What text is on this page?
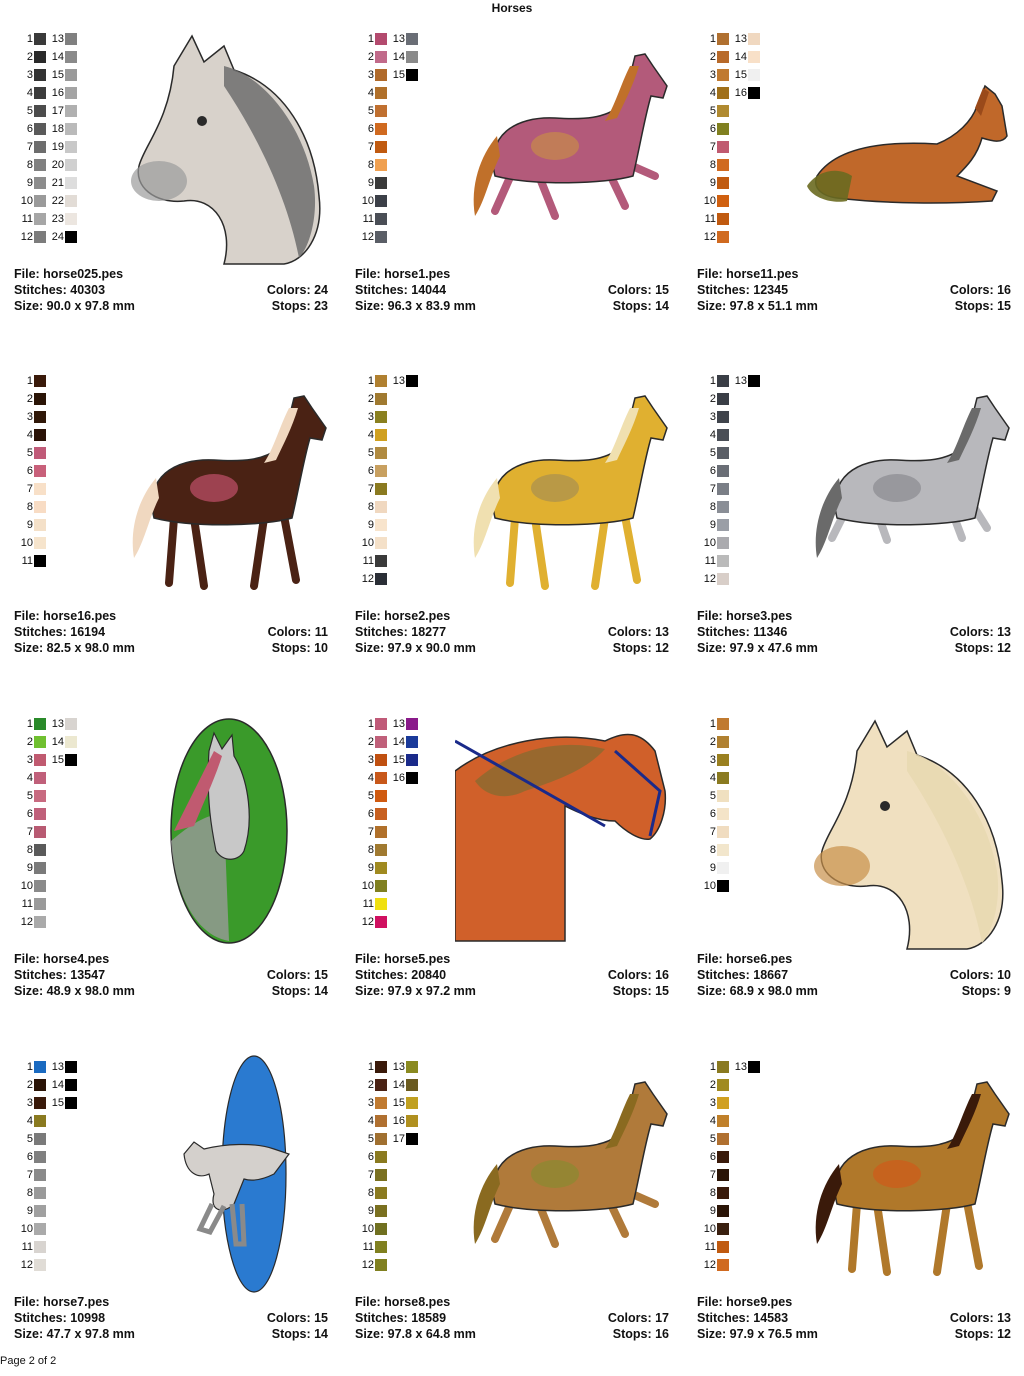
Horses
1	13
2	14
3	15
4	16
5	17
6	18
7	19
8	20
9	21
10	22
11	23
12	24
File: horse025.pes
Stitches: 40303	Colors: 24
Size: 90.0 x 97.8 mm	Stops: 23
1	13
2	14
3	15
4
5
6
7
8
9
10
11
12
File: horse1.pes
Stitches: 14044	Colors: 15
Size: 96.3 x 83.9 mm	Stops: 14
1	13
2	14
3	15
4	16
5
6
7
8
9
10
11
12
File: horse11.pes
Stitches: 12345	Colors: 16
Size: 97.8 x 51.1 mm	Stops: 15
1
2
3
4
5
6
7
8
9
10
11
File: horse16.pes
Stitches: 16194	Colors: 11
Size: 82.5 x 98.0 mm	Stops: 10
1	13
2
3
4
5
6
7
8
9
10
11
12
File: horse2.pes
Stitches: 18277	Colors: 13
Size: 97.9 x 90.0 mm	Stops: 12
1	13
2
3
4
5
6
7
8
9
10
11
12
File: horse3.pes
Stitches: 11346	Colors: 13
Size: 97.9 x 47.6 mm	Stops: 12
1	13
2	14
3	15
4
5
6
7
8
9
10
11
12
File: horse4.pes
Stitches: 13547	Colors: 15
Size: 48.9 x 98.0 mm	Stops: 14
1	13
2	14
3	15
4	16
5
6
7
8
9
10
11
12
File: horse5.pes
Stitches: 20840	Colors: 16
Size: 97.9 x 97.2 mm	Stops: 15
1
2
3
4
5
6
7
8
9
10
File: horse6.pes
Stitches: 18667	Colors: 10
Size: 68.9 x 98.0 mm	Stops: 9
1	13
2	14
3	15
4
5
6
7
8
9
10
11
12
File: horse7.pes
Stitches: 10998	Colors: 15
Size: 47.7 x 97.8 mm	Stops: 14
1	13
2	14
3	15
4	16
5	17
6
7
8
9
10
11
12
File: horse8.pes
Stitches: 18589	Colors: 17
Size: 97.8 x 64.8 mm	Stops: 16
1	13
2
3
4
5
6
7
8
9
10
11
12
File: horse9.pes
Stitches: 14583	Colors: 13
Size: 97.9 x 76.5 mm	Stops: 12
Page 2 of 2
